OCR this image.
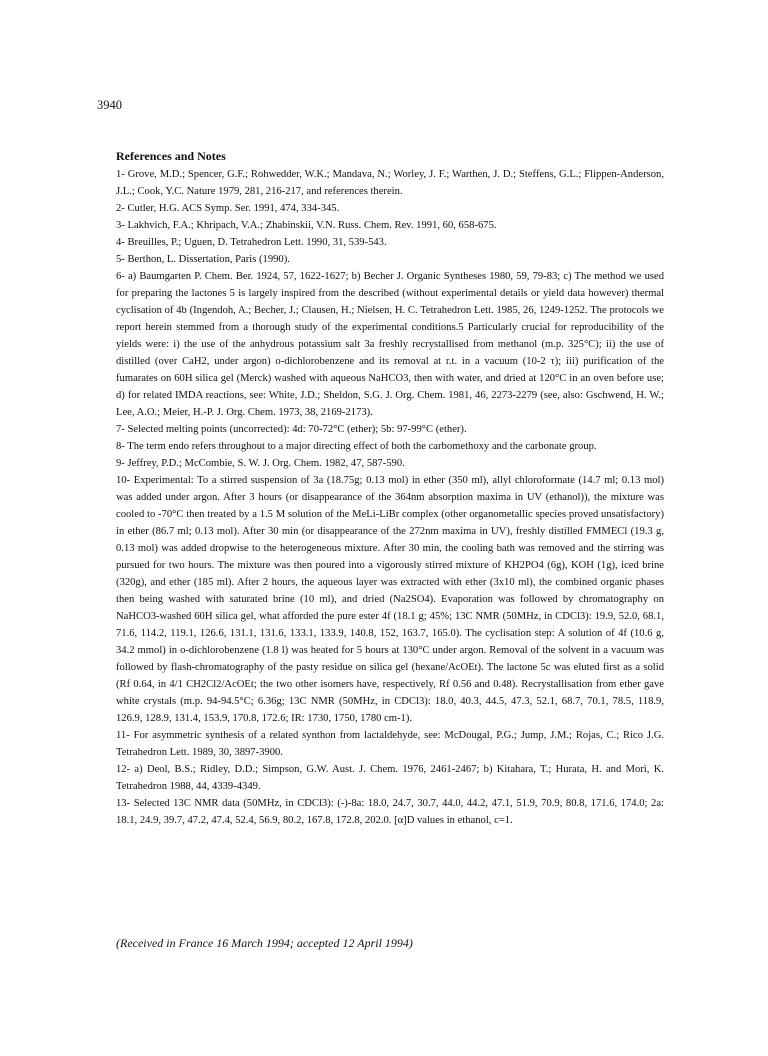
3940
References and Notes

1- Grove, M.D.; Spencer, G.F.; Rohwedder, W.K.; Mandava, N.; Worley, J. F.; Warthen, J. D.; Steffens, G.L.; Flippen-Anderson, J.L.; Cook, Y.C. Nature 1979, 281, 216-217, and references therein.

2- Cutler, H.G. ACS Symp. Ser. 1991, 474, 334-345.

3- Lakhvich, F.A.; Khripach, V.A.; Zhabinskii, V.N. Russ. Chem. Rev. 1991, 60, 658-675.

4- Breuilles, P.; Uguen, D. Tetrahedron Lett. 1990, 31, 539-543.

5- Berthon, L. Dissertation, Paris (1990).

6- a) Baumgarten P. Chem. Ber. 1924, 57, 1622-1627; b) Becher J. Organic Syntheses 1980, 59, 79-83; c) The method we used for preparing the lactones 5 is largely inspired from the described (without experimental details or yield data however) thermal cyclisation of 4b (Ingendoh, A.; Becher, J.; Clausen, H.; Nielsen, H. C. Tetrahedron Lett. 1985, 26, 1249-1252. The protocols we report herein stemmed from a thorough study of the experimental conditions.5 Particularly crucial for reproducibility of the yields were: i) the use of the anhydrous potassium salt 3a freshly recrystallised from methanol (m.p. 325°C); ii) the use of distilled (over CaH2, under argon) o-dichlorobenzene and its removal at r.t. in a vacuum (10-2 τ); iii) purification of the fumarates on 60H silica gel (Merck) washed with aqueous NaHCO3, then with water, and dried at 120°C in an oven before use; d) for related IMDA reactions, see: White, J.D.; Sheldon, S.G. J. Org. Chem. 1981, 46, 2273-2279 (see, also: Gschwend, H. W.; Lee, A.O.; Meier, H.-P. J. Org. Chem. 1973, 38, 2169-2173).

7- Selected melting points (uncorrected): 4d: 70-72°C (ether); 5b: 97-99°C (ether).

8- The term endo refers throughout to a major directing effect of both the carbomethoxy and the carbonate group.

9- Jeffrey, P.D.; McCombie, S. W. J. Org. Chem. 1982, 47, 587-590.

10- Experimental: To a stirred suspension of 3a (18.75g; 0.13 mol) in ether (350 ml), allyl chloroformate (14.7 ml; 0.13 mol) was added under argon. After 3 hours (or disappearance of the 364nm absorption maxima in UV (ethanol)), the mixture was cooled to -70°C then treated by a 1.5 M solution of the MeLi-LiBr complex (other organometallic species proved unsatisfactory) in ether (86.7 ml; 0.13 mol). After 30 min (or disappearance of the 272nm maxima in UV), freshly distilled FMMECl (19.3 g, 0.13 mol) was added dropwise to the heterogeneous mixture. After 30 min, the cooling bath was removed and the stirring was pursued for two hours. The mixture was then poured into a vigorously stirred mixture of KH2PO4 (6g), KOH (1g), iced brine (320g), and ether (185 ml). After 2 hours, the aqueous layer was extracted with ether (3x10 ml), the combined organic phases then being washed with saturated brine (10 ml), and dried (Na2SO4). Evaporation was followed by chromatography on NaHCO3-washed 60H silica gel, what afforded the pure ester 4f (18.1 g; 45%; 13C NMR (50MHz, in CDCl3): 19.9, 52.0, 68.1, 71.6, 114.2, 119.1, 126.6, 131.1, 131.6, 133.1, 133.9, 140.8, 152, 163.7, 165.0). The cyclisation step: A solution of 4f (10.6 g, 34.2 mmol) in o-dichlorobenzene (1.8 l) was heated for 5 hours at 130°C under argon. Removal of the solvent in a vacuum was followed by flash-chromatography of the pasty residue on silica gel (hexane/AcOEt). The lactone 5c was eluted first as a solid (Rf 0.64, in 4/1 CH2Cl2/AcOEt; the two other isomers have, respectively, Rf 0.56 and 0.48). Recrystallisation from ether gave white crystals (m.p. 94-94.5°C; 6.36g; 13C NMR (50MHz, in CDCl3): 18.0, 40.3, 44.5, 47.3, 52.1, 68.7, 70.1, 78.5, 118.9, 126.9, 128.9, 131.4, 153.9, 170.8, 172.6; IR: 1730, 1750, 1780 cm-1).

11- For asymmetric synthesis of a related synthon from lactaldehyde, see: McDougal, P.G.; Jump, J.M.; Rojas, C.; Rico J.G. Tetrahedron Lett. 1989, 30, 3897-3900.

12- a) Deol, B.S.; Ridley, D.D.; Simpson, G.W. Aust. J. Chem. 1976, 2461-2467; b) Kitahara, T.; Hurata, H. and Mori, K. Tetrahedron 1988, 44, 4339-4349.

13- Selected 13C NMR data (50MHz, in CDCl3): (-)-8a: 18.0, 24.7, 30.7, 44.0, 44.2, 47.1, 51.9, 70.9, 80.8, 171.6, 174.0; 2a: 18.1, 24.9, 39.7, 47.2, 47.4, 52.4, 56.9, 80.2, 167.8, 172.8, 202.0. [α]D values in ethanol, c=1.

(Received in France 16 March 1994; accepted 12 April 1994)
